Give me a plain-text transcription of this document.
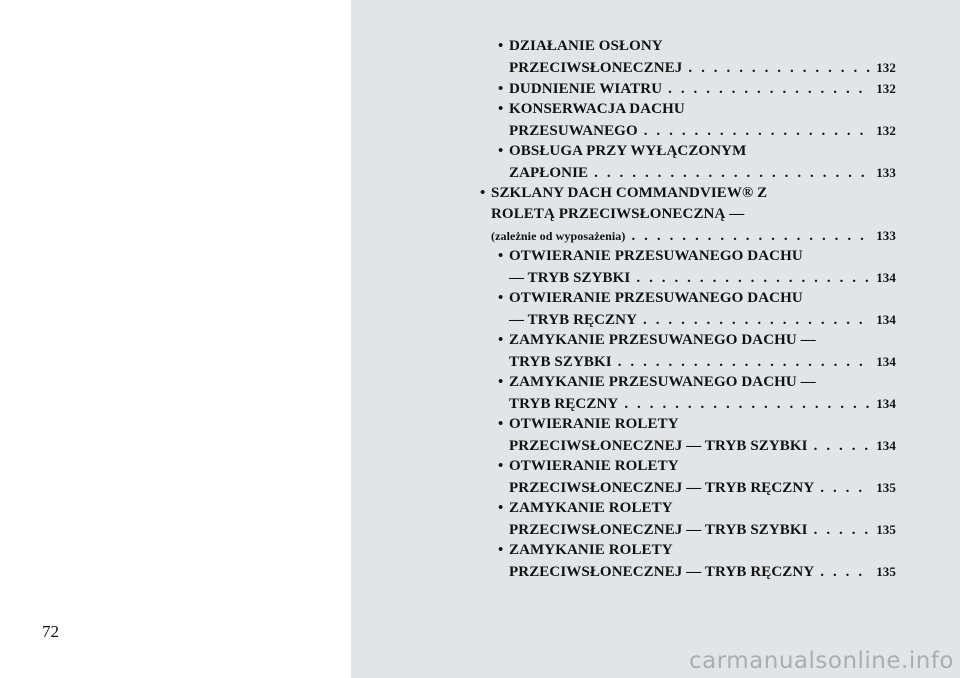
72
• DZIAŁANIE OSŁONY
PRZECIWSŁONECZNEJ . . .	132
• DUDNIENIE WIATRU . . .	132
• KONSERWACJA DACHU
PRZESUWANEGO . . .	132
• OBSŁUGA PRZY WYŁĄCZONYM
ZAPŁONIE . . .	133
• SZKLANY DACH COMMANDVIEW® Z
ROLETĄ PRZECIWSŁONECZNĄ —
(zależnie od wyposażenia) . . .	133
• OTWIERANIE PRZESUWANEGO DACHU
— TRYB SZYBKI . . .	134
• OTWIERANIE PRZESUWANEGO DACHU
— TRYB RĘCZNY . . .	134
• ZAMYKANIE PRZESUWANEGO DACHU —
TRYB SZYBKI . . .	134
• ZAMYKANIE PRZESUWANEGO DACHU —
TRYB RĘCZNY . . .	134
• OTWIERANIE ROLETY
PRZECIWSŁONECZNEJ — TRYB SZYBKI . . .	134
• OTWIERANIE ROLETY
PRZECIWSŁONECZNEJ — TRYB RĘCZNY . . .	135
• ZAMYKANIE ROLETY
PRZECIWSŁONECZNEJ — TRYB SZYBKI . . .	135
• ZAMYKANIE ROLETY
PRZECIWSŁONECZNEJ — TRYB RĘCZNY . . .	135
carmanualsonline.info
